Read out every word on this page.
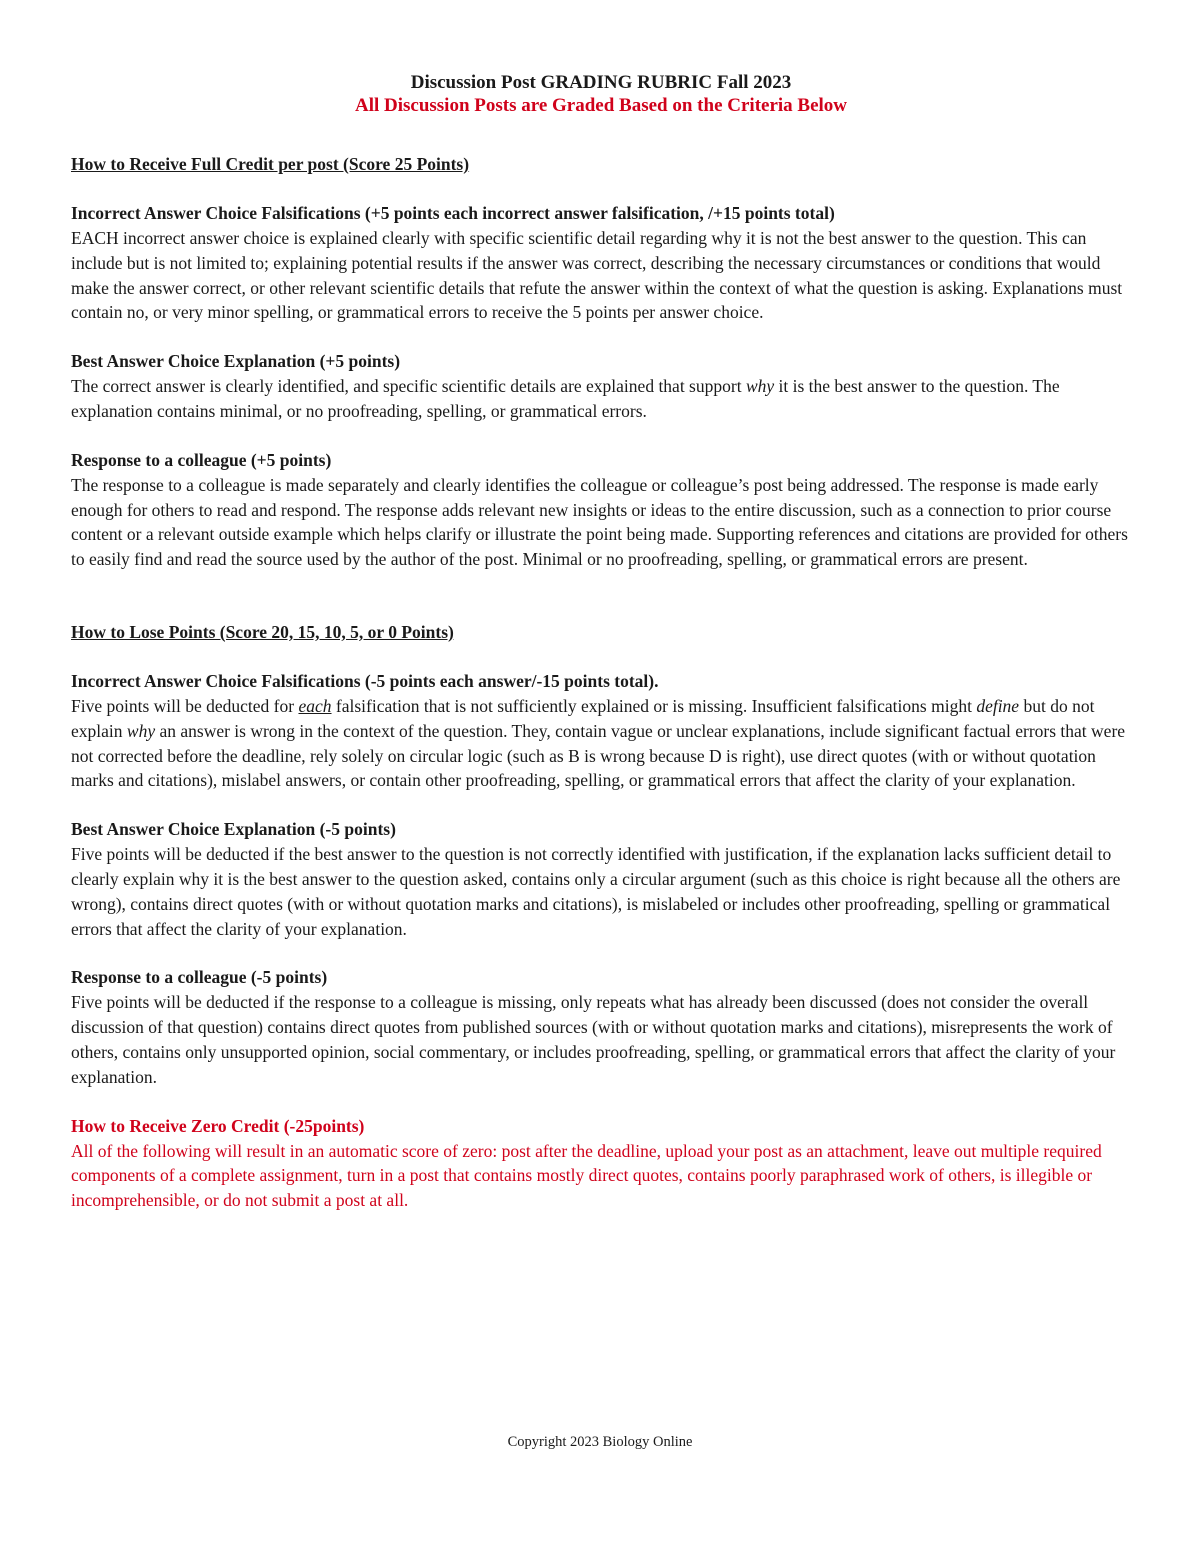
Discussion Post GRADING RUBRIC Fall 2023

All Discussion Posts are Graded Based on the Criteria Below

How to Receive Full Credit per post (Score 25 Points)

Incorrect Answer Choice Falsifications (+5 points each incorrect answer falsification, /+15 points total)

EACH incorrect answer choice is explained clearly with specific scientific detail regarding why it is not the best answer to the question. This can include but is not limited to; explaining potential results if the answer was correct, describing the necessary circumstances or conditions that would make the answer correct, or other relevant scientific details that refute the answer within the context of what the question is asking. Explanations must contain no, or very minor spelling, or grammatical errors to receive the 5 points per answer choice.

Best Answer Choice Explanation (+5 points)

The correct answer is clearly identified, and specific scientific details are explained that support why it is the best answer to the question. The explanation contains minimal, or no proofreading, spelling, or grammatical errors.

Response to a colleague (+5 points)

The response to a colleague is made separately and clearly identifies the colleague or colleague’s post being addressed. The response is made early enough for others to read and respond. The response adds relevant new insights or ideas to the entire discussion, such as a connection to prior course content or a relevant outside example which helps clarify or illustrate the point being made. Supporting references and citations are provided for others to easily find and read the source used by the author of the post. Minimal or no proofreading, spelling, or grammatical errors are present.

How to Lose Points (Score 20, 15, 10, 5, or 0 Points)

Incorrect Answer Choice Falsifications (-5 points each answer/-15 points total).

Five points will be deducted for each falsification that is not sufficiently explained or is missing. Insufficient falsifications might define but do not explain why an answer is wrong in the context of the question. They, contain vague or unclear explanations, include significant factual errors that were not corrected before the deadline, rely solely on circular logic (such as B is wrong because D is right), use direct quotes (with or without quotation marks and citations), mislabel answers, or contain other proofreading, spelling, or grammatical errors that affect the clarity of your explanation.

Best Answer Choice Explanation (-5 points)

Five points will be deducted if the best answer to the question is not correctly identified with justification, if the explanation lacks sufficient detail to clearly explain why it is the best answer to the question asked, contains only a circular argument (such as this choice is right because all the others are wrong), contains direct quotes (with or without quotation marks and citations), is mislabeled or includes other proofreading, spelling or grammatical errors that affect the clarity of your explanation.

Response to a colleague (-5 points)

Five points will be deducted if the response to a colleague is missing, only repeats what has already been discussed (does not consider the overall discussion of that question) contains direct quotes from published sources (with or without quotation marks and citations), misrepresents the work of others, contains only unsupported opinion, social commentary, or includes proofreading, spelling, or grammatical errors that affect the clarity of your explanation.

How to Receive Zero Credit (-25points)

All of the following will result in an automatic score of zero: post after the deadline, upload your post as an attachment, leave out multiple required components of a complete assignment, turn in a post that contains mostly direct quotes, contains poorly paraphrased work of others, is illegible or incomprehensible, or do not submit a post at all.

Copyright 2023 Biology Online
